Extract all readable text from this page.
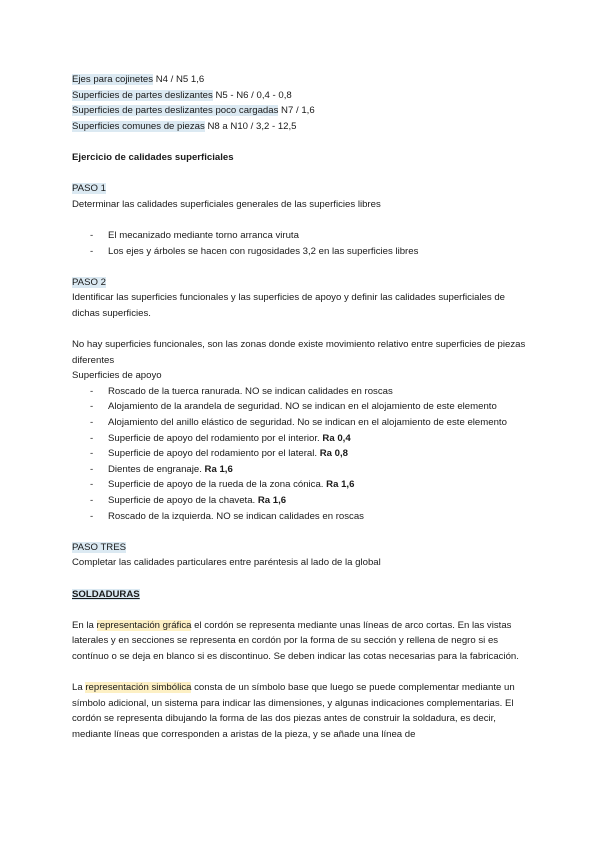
Ejes para cojinetes N4 / N5 1,6
Superficies de partes deslizantes N5 - N6 / 0,4 - 0,8
Superficies de partes deslizantes poco cargadas N7 / 1,6
Superficies comunes de piezas N8 a N10 / 3,2 - 12,5
Ejercicio de calidades superficiales
PASO 1
Determinar las calidades superficiales generales de las superficies libres
- El mecanizado mediante torno arranca viruta
- Los ejes y árboles se hacen con rugosidades 3,2 en las superficies libres
PASO 2
Identificar las superficies funcionales y las superficies de apoyo y definir las calidades superficiales de dichas superficies.
No hay superficies funcionales, son las zonas donde existe movimiento relativo entre superficies de piezas diferentes
Superficies de apoyo
- Roscado de la tuerca ranurada. NO se indican calidades en roscas
- Alojamiento de la arandela de seguridad. NO se indican en el alojamiento de este elemento
- Alojamiento del anillo elástico de seguridad. No se indican en el alojamiento de este elemento
- Superficie de apoyo del rodamiento por el interior. Ra 0,4
- Superficie de apoyo del rodamiento por el lateral. Ra 0,8
- Dientes de engranaje. Ra 1,6
- Superficie de apoyo de la rueda de la zona cónica. Ra 1,6
- Superficie de apoyo de la chaveta. Ra 1,6
- Roscado de la izquierda. NO se indican calidades en roscas
PASO TRES
Completar las calidades particulares entre paréntesis al lado de la global
SOLDADURAS
En la representación gráfica el cordón se representa mediante unas líneas de arco cortas. En las vistas laterales y en secciones se representa en cordón por la forma de su sección y rellena de negro si es contínuo o se deja en blanco si es discontinuo. Se deben indicar las cotas necesarias para la fabricación.
La representación simbólica consta de un símbolo base que luego se puede complementar mediante un símbolo adicional, un sistema para indicar las dimensiones, y algunas indicaciones complementarias. El cordón se representa dibujando la forma de las dos piezas antes de construir la soldadura, es decir, mediante líneas que corresponden a aristas de la pieza, y se añade una línea de
